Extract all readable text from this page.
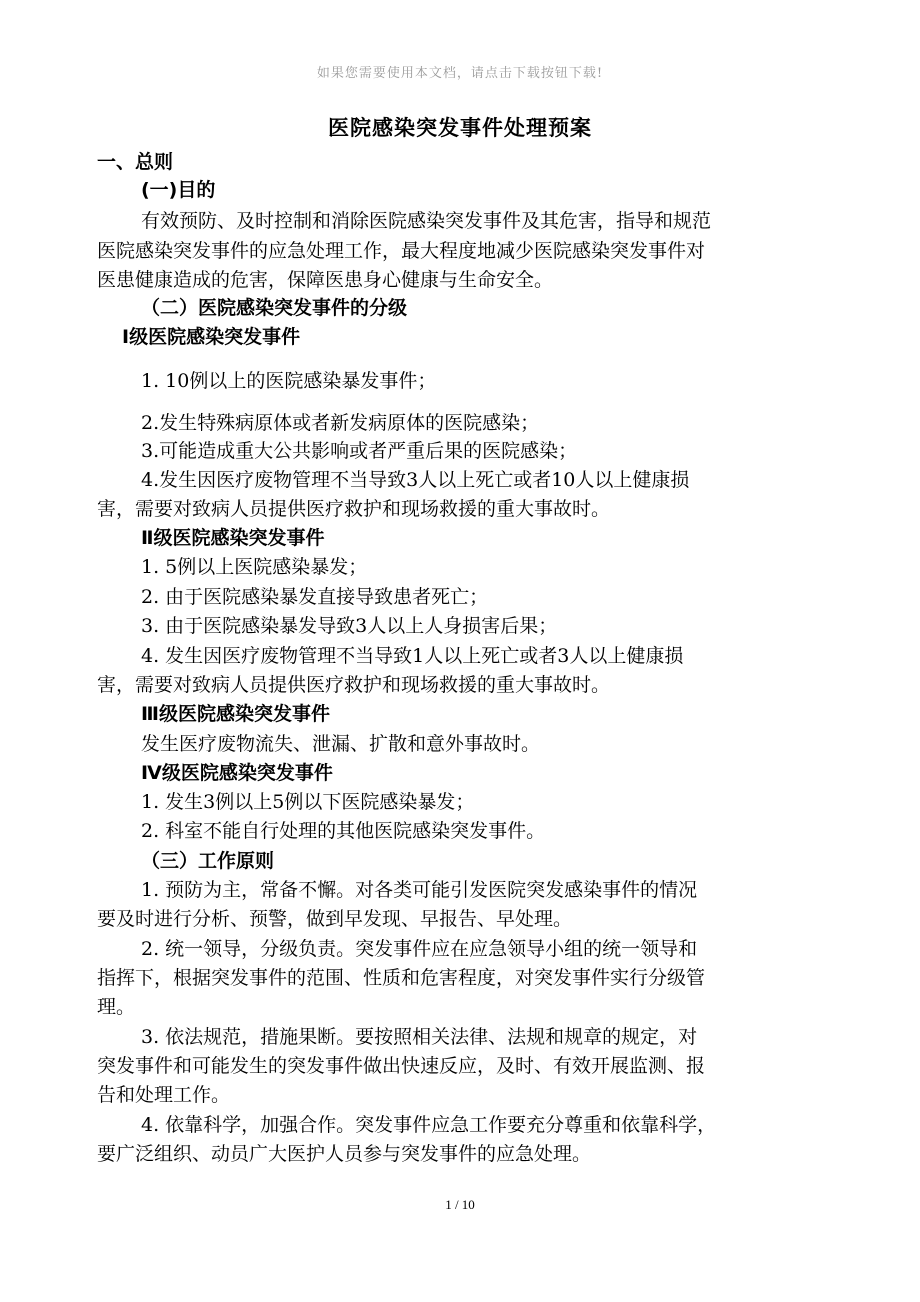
如果您需要使用本文档，请点击下载按钮下载!
医院感染突发事件处理预案
一、总则
(一)目的
有效预防、及时控制和消除医院感染突发事件及其危害，指导和规范
医院感染突发事件的应急处理工作，最大程度地减少医院感染突发事件对
医患健康造成的危害，保障医患身心健康与生命安全。
（二）医院感染突发事件的分级
Ⅰ级医院感染突发事件
1. 10例以上的医院感染暴发事件；
2.发生特殊病原体或者新发病原体的医院感染；
3.可能造成重大公共影响或者严重后果的医院感染；
4.发生因医疗废物管理不当导致3人以上死亡或者10人以上健康损
害，需要对致病人员提供医疗救护和现场救援的重大事故时。
Ⅱ级医院感染突发事件
1. 5例以上医院感染暴发；
2. 由于医院感染暴发直接导致患者死亡；
3. 由于医院感染暴发导致3人以上人身损害后果；
4. 发生因医疗废物管理不当导致1人以上死亡或者3人以上健康损
害，需要对致病人员提供医疗救护和现场救援的重大事故时。
Ⅲ级医院感染突发事件
发生医疗废物流失、泄漏、扩散和意外事故时。
Ⅳ级医院感染突发事件
1. 发生3例以上5例以下医院感染暴发；
2. 科室不能自行处理的其他医院感染突发事件。
（三）工作原则
1. 预防为主，常备不懈。对各类可能引发医院突发感染事件的情况
要及时进行分析、预警，做到早发现、早报告、早处理。
2. 统一领导，分级负责。突发事件应在应急领导小组的统一领导和
指挥下，根据突发事件的范围、性质和危害程度，对突发事件实行分级管
理。
3. 依法规范，措施果断。要按照相关法律、法规和规章的规定，对
突发事件和可能发生的突发事件做出快速反应，及时、有效开展监测、报
告和处理工作。
4. 依靠科学，加强合作。突发事件应急工作要充分尊重和依靠科学，
要广泛组织、动员广大医护人员参与突发事件的应急处理。
1 / 10
